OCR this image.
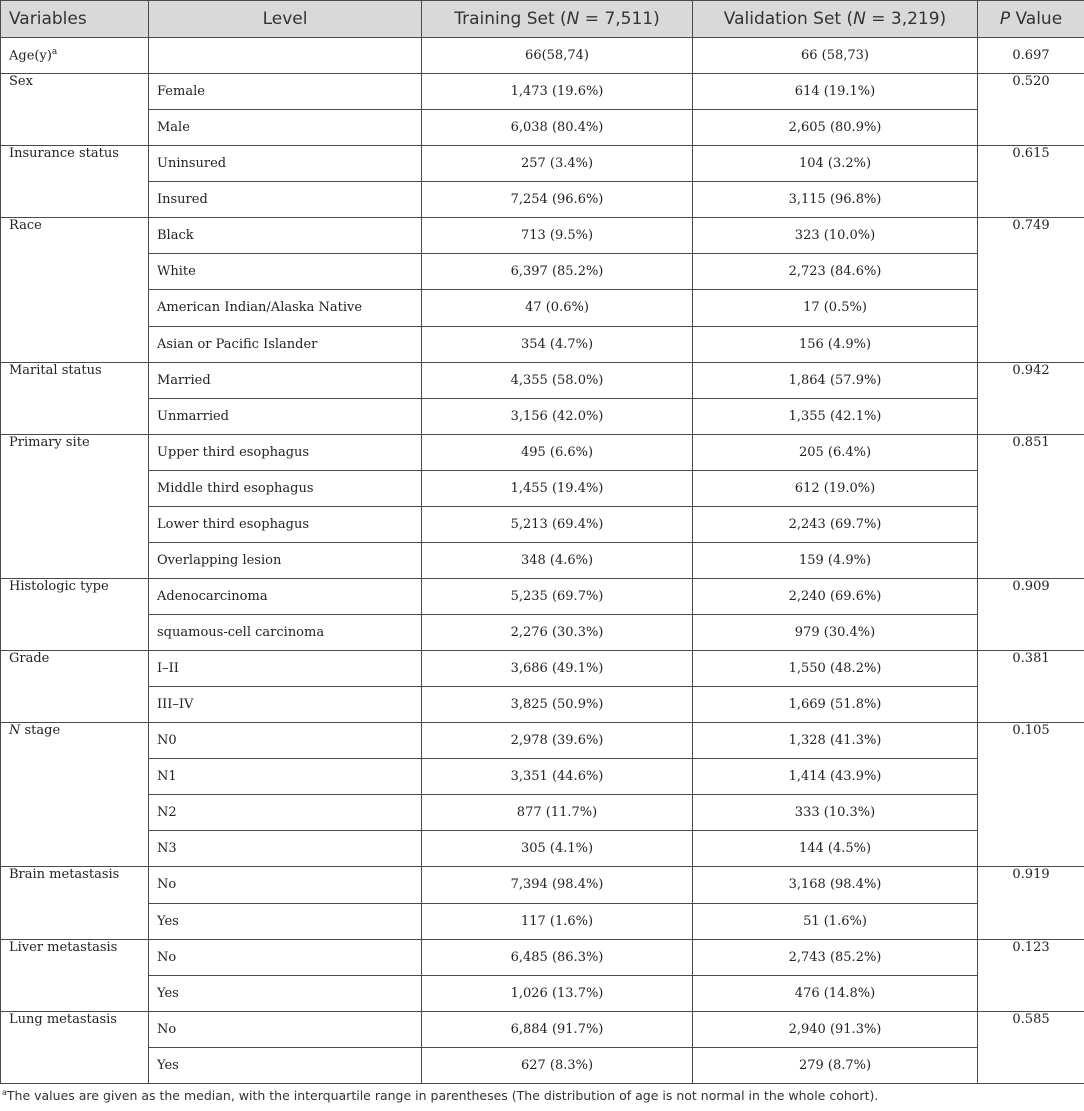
Variables	Level	Training Set (N = 7,511)	Validation Set (N = 3,219)	P Value
$Age(y)^a$		66(58,74)	66 (58,73)	0.697
Sex	Female	1,473 (19.6%)	614 (19.1%)	0.520
	Male	6,038 (80.4%)	2,605 (80.9%)	
Insurance status	Uninsured	257 (3.4%)	104 (3.2%)	0.615
	Insured	7,254 (96.6%)	3,115 (96.8%)	
Race	Black	713 (9.5%)	323 (10.0%)	0.749
	White	6,397 (85.2%)	2,723 (84.6%)	
	American Indian/Alaska Native	47 (0.6%)	17 (0.5%)	
	Asian or Pacific Islander	354 (4.7%)	156 (4.9%)	
Marital status	Married	4,355 (58.0%)	1,864 (57.9%)	0.942
	Unmarried	3,156 (42.0%)	1,355 (42.1%)	
Primary site	Upper third esophagus	495 (6.6%)	205 (6.4%)	0.851
	Middle third esophagus	1,455 (19.4%)	612 (19.0%)	
	Lower third esophagus	5,213 (69.4%)	2,243 (69.7%)	
	Overlapping lesion	348 (4.6%)	159 (4.9%)	
Histologic type	Adenocarcinoma	5,235 (69.7%)	2,240 (69.6%)	0.909
	squamous-cell carcinoma	2,276 (30.3%)	979 (30.4%)	
Grade	I–II	3,686 (49.1%)	1,550 (48.2%)	0.381
	III–IV	3,825 (50.9%)	1,669 (51.8%)	
N stage	N0	2,978 (39.6%)	1,328 (41.3%)	0.105
	N1	3,351 (44.6%)	1,414 (43.9%)	
	N2	877 (11.7%)	333 (10.3%)	
	N3	305 (4.1%)	144 (4.5%)	
Brain metastasis	No	7,394 (98.4%)	3,168 (98.4%)	0.919
	Yes	117 (1.6%)	51 (1.6%)	
Liver metastasis	No	6,485 (86.3%)	2,743 (85.2%)	0.123
	Yes	1,026 (13.7%)	476 (14.8%)	
Lung metastasis	No	6,884 (91.7%)	2,940 (91.3%)	0.585
	Yes	627 (8.3%)	279 (8.7%)	
$^a$The values are given as the median, with the interquartile range in parentheses (The distribution of age is not normal in the whole cohort).
